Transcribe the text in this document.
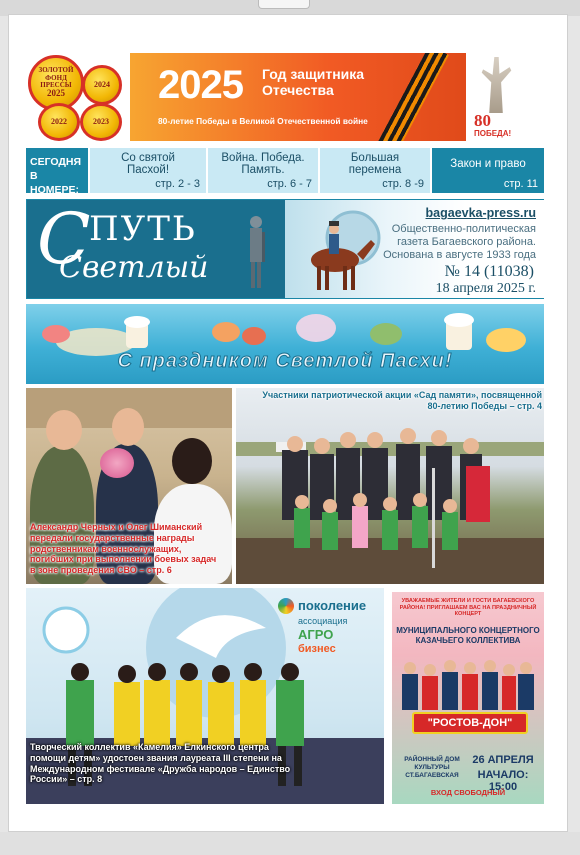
ЗОЛОТОЙ
ФОНД
ПРЕССЫ
2025
2024
2022	2023
2025 Год защитника Отечества
80-летие Победы в Великой Отечественной войне	80
ПОБЕДА!
СЕГОДНЯ В НОМЕРЕ:
Со святой Пасхой!
стр. 2 - 3
Война. Победа. Память.
стр. 6 - 7
Большая перемена
стр. 8 -9
Закон и право
стр. 11
С
ПУТЬ
Светлый
bagaevka-press.ru
Общественно-политическая газета Багаевского района. Основана в августе 1933 года
№ 14 (11038)
18 апреля 2025 г.
С праздником Светлой Пасхи!
Александр Черных и Олег Шиманский передали государственные награды родственникам военнослужащих, погибших при выполнении боевых задач в зоне проведения СВО – стр. 6
Участники патриотической акции «Сад памяти», посвященной 80-летию Победы – стр. 4
поколение
ассоциация
АГРО
бизнес
Творческий коллектив «Камелия» Елкинского центра помощи детям» удостоен звания лауреата III степени на Международном фестивале «Дружба народов – Единство России» – стр. 8
УВАЖАЕМЫЕ ЖИТЕЛИ И ГОСТИ БАГАЕВСКОГО РАЙОНА! ПРИГЛАШАЕМ ВАС НА ПРАЗДНИЧНЫЙ КОНЦЕРТ
МУНИЦИПАЛЬНОГО КОНЦЕРТНОГО КАЗАЧЬЕГО КОЛЛЕКТИВА
"РОСТОВ-ДОН"
РАЙОННЫЙ ДОМ КУЛЬТУРЫ СТ.БАГАЕВСКАЯ
26 АПРЕЛЯ
НАЧАЛО: 15:00
ВХОД СВОБОДНЫЙ
